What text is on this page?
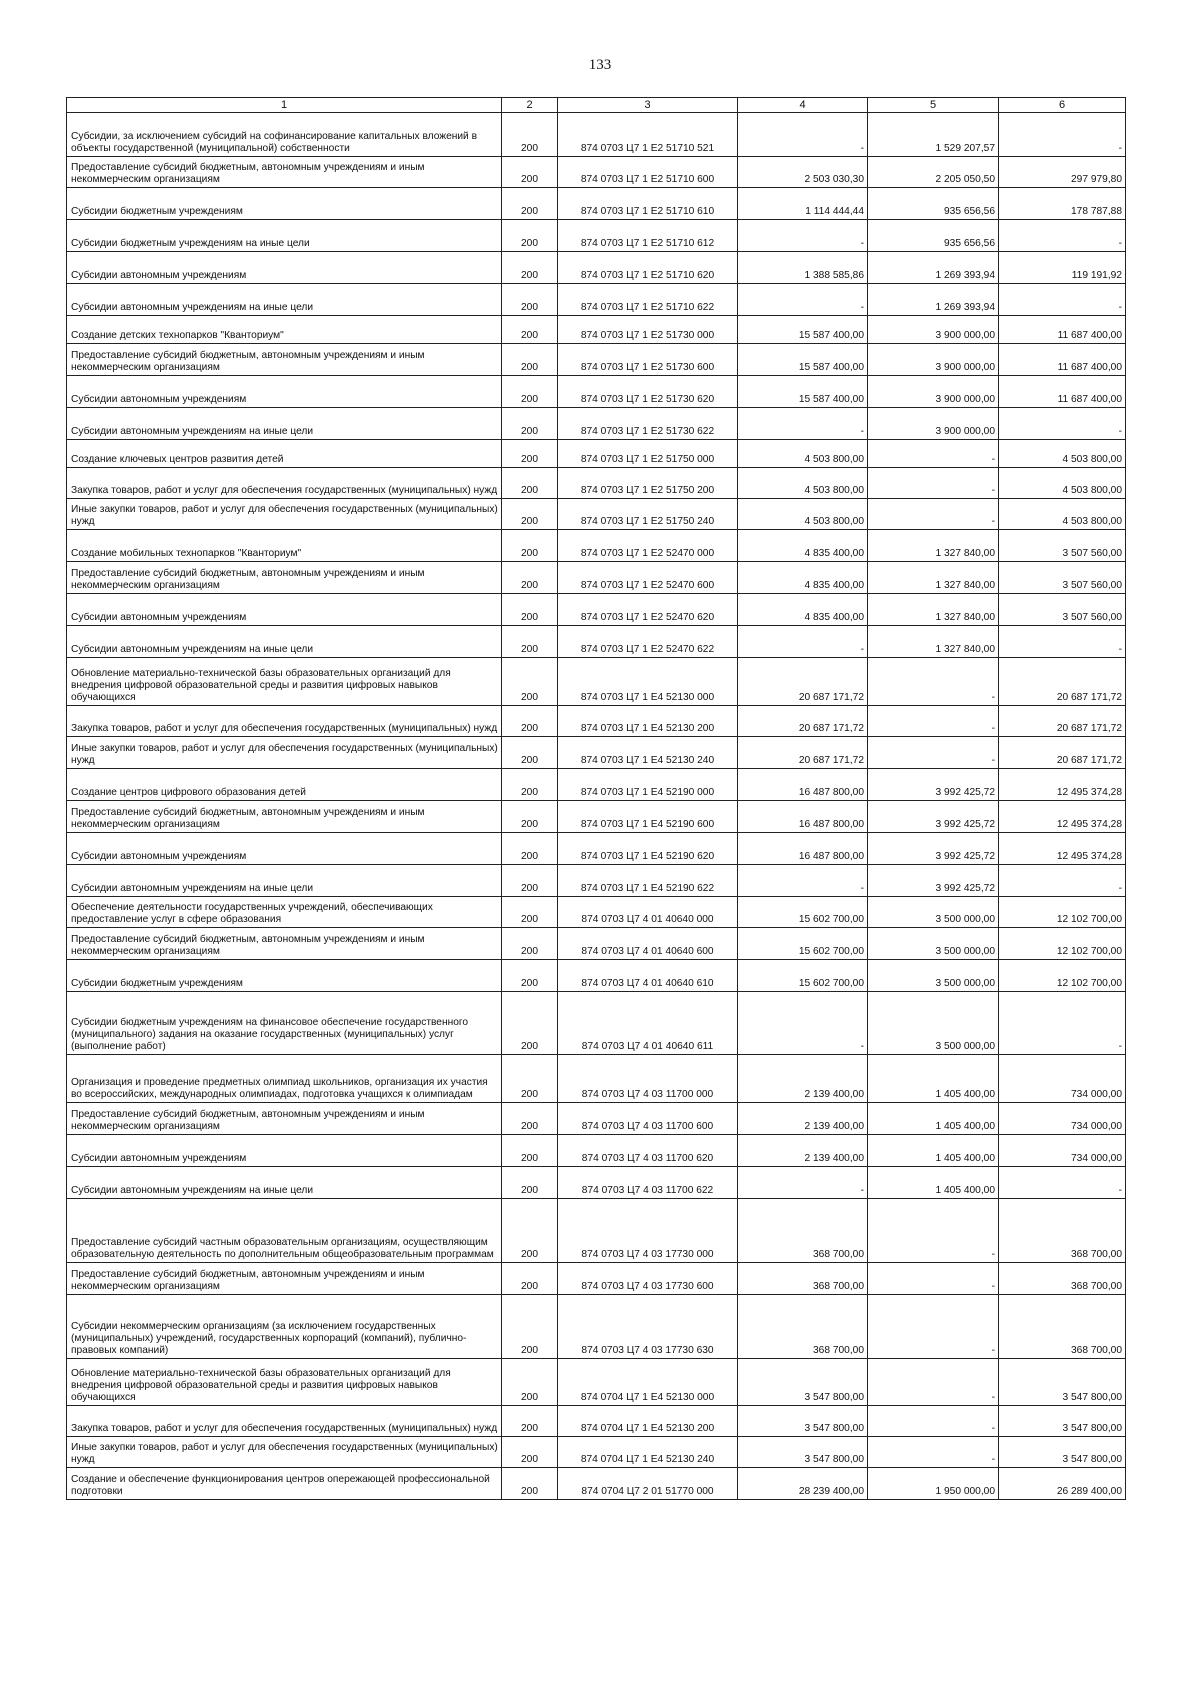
133
1	2	3	4	5	6
Субсидии, за исключением субсидий на софинансирование капитальных вложений в объекты государственной (муниципальной) собственности	200	874 0703 Ц7 1 E2 51710 521	-	1 529 207,57	-
Предоставление субсидий бюджетным, автономным учреждениям и иным некоммерческим организациям	200	874 0703 Ц7 1 E2 51710 600	2 503 030,30	2 205 050,50	297 979,80
Субсидии бюджетным учреждениям	200	874 0703 Ц7 1 E2 51710 610	1 114 444,44	935 656,56	178 787,88
Субсидии бюджетным учреждениям на иные цели	200	874 0703 Ц7 1 E2 51710 612	-	935 656,56	-
Субсидии автономным учреждениям	200	874 0703 Ц7 1 E2 51710 620	1 388 585,86	1 269 393,94	119 191,92
Субсидии автономным учреждениям на иные цели	200	874 0703 Ц7 1 E2 51710 622	-	1 269 393,94	-
Создание детских технопарков "Кванториум"	200	874 0703 Ц7 1 E2 51730 000	15 587 400,00	3 900 000,00	11 687 400,00
Предоставление субсидий бюджетным, автономным учреждениям и иным некоммерческим организациям	200	874 0703 Ц7 1 E2 51730 600	15 587 400,00	3 900 000,00	11 687 400,00
Субсидии автономным учреждениям	200	874 0703 Ц7 1 E2 51730 620	15 587 400,00	3 900 000,00	11 687 400,00
Субсидии автономным учреждениям на иные цели	200	874 0703 Ц7 1 E2 51730 622	-	3 900 000,00	-
Создание ключевых центров развития детей	200	874 0703 Ц7 1 E2 51750 000	4 503 800,00	-	4 503 800,00
Закупка товаров, работ и услуг для обеспечения государственных (муниципальных) нужд	200	874 0703 Ц7 1 E2 51750 200	4 503 800,00	-	4 503 800,00
Иные закупки товаров, работ и услуг для обеспечения государственных (муниципальных) нужд	200	874 0703 Ц7 1 E2 51750 240	4 503 800,00	-	4 503 800,00
Создание мобильных технопарков "Кванториум"	200	874 0703 Ц7 1 E2 52470 000	4 835 400,00	1 327 840,00	3 507 560,00
Предоставление субсидий бюджетным, автономным учреждениям и иным некоммерческим организациям	200	874 0703 Ц7 1 E2 52470 600	4 835 400,00	1 327 840,00	3 507 560,00
Субсидии автономным учреждениям	200	874 0703 Ц7 1 E2 52470 620	4 835 400,00	1 327 840,00	3 507 560,00
Субсидии автономным учреждениям на иные цели	200	874 0703 Ц7 1 E2 52470 622	-	1 327 840,00	-
Обновление материально-технической базы образовательных организаций для внедрения цифровой образовательной среды и развития цифровых навыков обучающихся	200	874 0703 Ц7 1 E4 52130 000	20 687 171,72	-	20 687 171,72
Закупка товаров, работ и услуг для обеспечения государственных (муниципальных) нужд	200	874 0703 Ц7 1 E4 52130 200	20 687 171,72	-	20 687 171,72
Иные закупки товаров, работ и услуг для обеспечения государственных (муниципальных) нужд	200	874 0703 Ц7 1 E4 52130 240	20 687 171,72	-	20 687 171,72
Создание центров цифрового образования детей	200	874 0703 Ц7 1 E4 52190 000	16 487 800,00	3 992 425,72	12 495 374,28
Предоставление субсидий бюджетным, автономным учреждениям и иным некоммерческим организациям	200	874 0703 Ц7 1 E4 52190 600	16 487 800,00	3 992 425,72	12 495 374,28
Субсидии автономным учреждениям	200	874 0703 Ц7 1 E4 52190 620	16 487 800,00	3 992 425,72	12 495 374,28
Субсидии автономным учреждениям на иные цели	200	874 0703 Ц7 1 E4 52190 622	-	3 992 425,72	-
Обеспечение деятельности государственных учреждений, обеспечивающих предоставление услуг в сфере образования	200	874 0703 Ц7 4 01 40640 000	15 602 700,00	3 500 000,00	12 102 700,00
Предоставление субсидий бюджетным, автономным учреждениям и иным некоммерческим организациям	200	874 0703 Ц7 4 01 40640 600	15 602 700,00	3 500 000,00	12 102 700,00
Субсидии бюджетным учреждениям	200	874 0703 Ц7 4 01 40640 610	15 602 700,00	3 500 000,00	12 102 700,00
Субсидии бюджетным учреждениям на финансовое обеспечение государственного (муниципального) задания на оказание государственных (муниципальных) услуг (выполнение работ)	200	874 0703 Ц7 4 01 40640 611	-	3 500 000,00	-
Организация и проведение предметных олимпиад школьников, организация их участия во всероссийских, международных олимпиадах, подготовка учащихся к олимпиадам	200	874 0703 Ц7 4 03 11700 000	2 139 400,00	1 405 400,00	734 000,00
Предоставление субсидий бюджетным, автономным учреждениям и иным некоммерческим организациям	200	874 0703 Ц7 4 03 11700 600	2 139 400,00	1 405 400,00	734 000,00
Субсидии автономным учреждениям	200	874 0703 Ц7 4 03 11700 620	2 139 400,00	1 405 400,00	734 000,00
Субсидии автономным учреждениям на иные цели	200	874 0703 Ц7 4 03 11700 622	-	1 405 400,00	-
Предоставление субсидий частным образовательным организациям, осуществляющим образовательную деятельность по дополнительным общеобразовательным программам	200	874 0703 Ц7 4 03 17730 000	368 700,00	-	368 700,00
Предоставление субсидий бюджетным, автономным учреждениям и иным некоммерческим организациям	200	874 0703 Ц7 4 03 17730 600	368 700,00	-	368 700,00
Субсидии некоммерческим организациям (за исключением государственных (муниципальных) учреждений, государственных корпораций (компаний), публично-правовых компаний)	200	874 0703 Ц7 4 03 17730 630	368 700,00	-	368 700,00
Обновление материально-технической базы образовательных организаций для внедрения цифровой образовательной среды и развития цифровых навыков обучающихся	200	874 0704 Ц7 1 E4 52130 000	3 547 800,00	-	3 547 800,00
Закупка товаров, работ и услуг для обеспечения государственных (муниципальных) нужд	200	874 0704 Ц7 1 E4 52130 200	3 547 800,00	-	3 547 800,00
Иные закупки товаров, работ и услуг для обеспечения государственных (муниципальных) нужд	200	874 0704 Ц7 1 E4 52130 240	3 547 800,00	-	3 547 800,00
Создание и обеспечение функционирования центров опережающей профессиональной подготовки	200	874 0704 Ц7 2 01 51770 000	28 239 400,00	1 950 000,00	26 289 400,00
